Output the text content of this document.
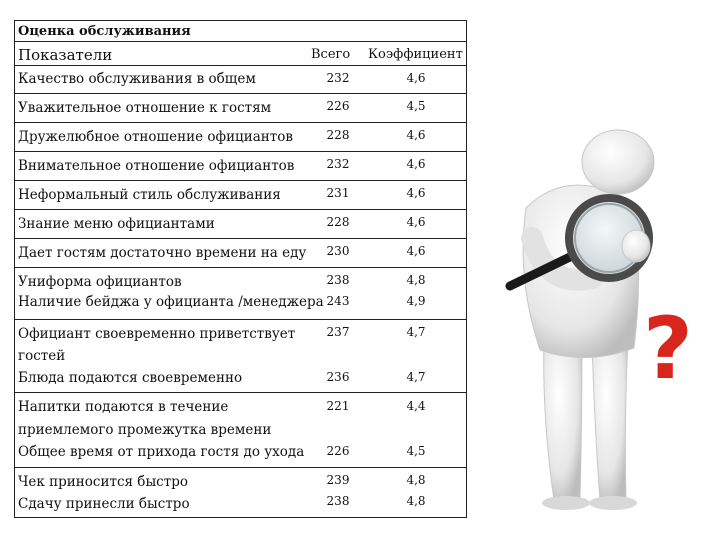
Оценка обслуживания
Показатели	Всего Коэффициент
Качество обслуживания в общем	232	4,6
Уважительное отношение к гостям	226	4,5
Дружелюбное отношение официантов	228	4,6
Внимательное отношение официантов	232	4,6
Неформальный стиль обслуживания	231	4,6
Знание меню официантами	228	4,6
Дает гостям достаточно времени на еду	230	4,6
Униформа официантов	238	4,8
Наличие бейджа у официанта /менеджера 243	4,9
Официант своевременно приветствует
гостей
237	4,7
Блюда подаются своевременно	236	4,7
Напитки подаются в течение
приемлемого промежутка времени
221	4,4
Общее время от прихода гостя до ухода	226	4,5
Чек приносится быстро	239	4,8
Сдачу принесли быстро	238	4,8
?
